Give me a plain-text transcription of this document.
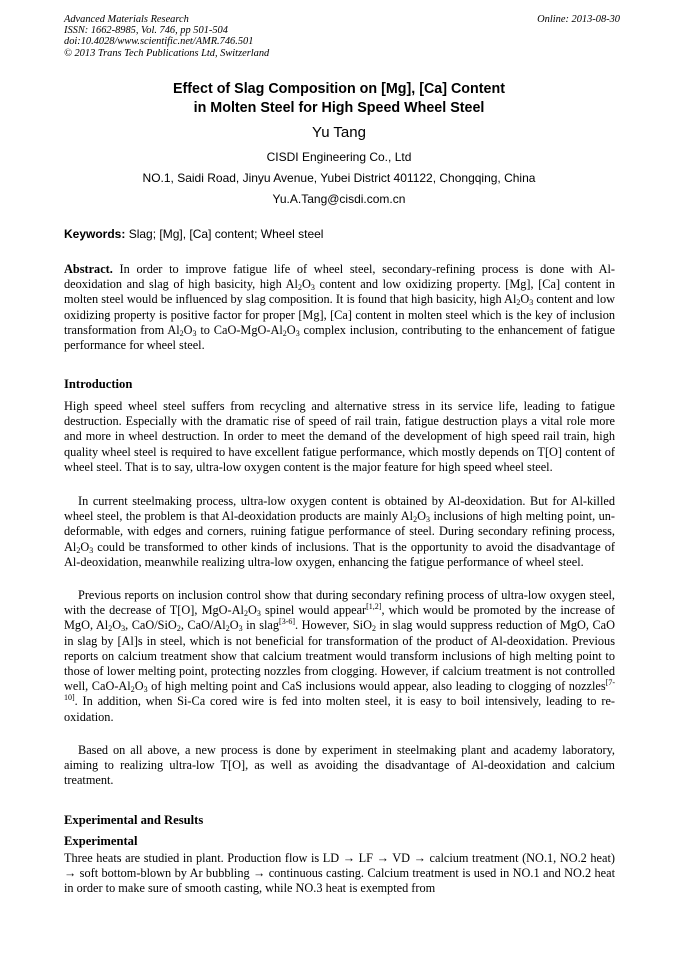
Advanced Materials Research
ISSN: 1662-8985, Vol. 746, pp 501-504
doi:10.4028/www.scientific.net/AMR.746.501
© 2013 Trans Tech Publications Ltd, Switzerland
Online: 2013-08-30
Effect of Slag Composition on [Mg], [Ca] Content
in Molten Steel for High Speed Wheel Steel
Yu Tang
CISDI Engineering Co., Ltd
NO.1, Saidi Road, Jinyu Avenue, Yubei District 401122, Chongqing, China
Yu.A.Tang@cisdi.com.cn
Keywords: Slag; [Mg], [Ca] content; Wheel steel
Abstract. In order to improve fatigue life of wheel steel, secondary-refining process is done with Al-deoxidation and slag of high basicity, high $Al_2O_3$ content and low oxidizing property. [Mg], [Ca] content in molten steel would be influenced by slag composition. It is found that high basicity, high $Al_2O_3$ content and low oxidizing property is positive factor for proper [Mg], [Ca] content in molten steel which is the key of inclusion transformation from $Al_2O_3$ to CaO-$MgO-Al_2O_3$ complex inclusion, contributing to the enhancement of fatigue performance for wheel steel.
Introduction
High speed wheel steel suffers from recycling and alternative stress in its service life, leading to fatigue destruction. Especially with the dramatic rise of speed of rail train, fatigue destruction plays a vital role more and more in wheel destruction. In order to meet the demand of the development of high speed rail train, high quality wheel steel is required to have excellent fatigue performance, which mostly depends on T[O] content of wheel steel. That is to say, ultra-low oxygen content is the major feature for high speed wheel steel.
In current steelmaking process, ultra-low oxygen content is obtained by Al-deoxidation. But for Al-killed wheel steel, the problem is that Al-deoxidation products are mainly $Al_2O_3$ inclusions of high melting point, un-deformable, with edges and corners, ruining fatigue performance of steel. During secondary refining process, $Al_2O_3$ could be transformed to other kinds of inclusions. That is the opportunity to avoid the disadvantage of Al-deoxidation, meanwhile realizing ultra-low oxygen, enhancing the fatigue performance of wheel steel.
Previous reports on inclusion control show that during secondary refining process of ultra-low oxygen steel, with the decrease of T[O], MgO-$Al_2O_3$ spinel would appear[1,2], which would be promoted by the increase of MgO, $Al_2O_3$, CaO/SiO$_2$, CaO/$Al_2O_3$ in slag[3-6]. However, SiO$_2$ in slag would suppress reduction of MgO, CaO in slag by [Al]s in steel, which is not beneficial for transformation of the product of Al-deoxidation. Previous reports on calcium treatment show that calcium treatment would transform inclusions of high melting point to those of lower melting point, protecting nozzles from clogging. However, if calcium treatment is not controlled well, CaO-$Al_2O_3$ of high melting point and CaS inclusions would appear, also leading to clogging of nozzles[7-10]. In addition, when Si-Ca cored wire is fed into molten steel, it is easy to boil intensively, leading to re-oxidation.
Based on all above, a new process is done by experiment in steelmaking plant and academy laboratory, aiming to realizing ultra-low T[O], as well as avoiding the disadvantage of Al-deoxidation and calcium treatment.
Experimental and Results
Experimental
Three heats are studied in plant. Production flow is LD → LF → VD → calcium treatment (NO.1, NO.2 heat) → soft bottom-blown by Ar bubbling → continuous casting. Calcium treatment is used in NO.1 and NO.2 heat in order to make sure of smooth casting, while NO.3 heat is exempted from
